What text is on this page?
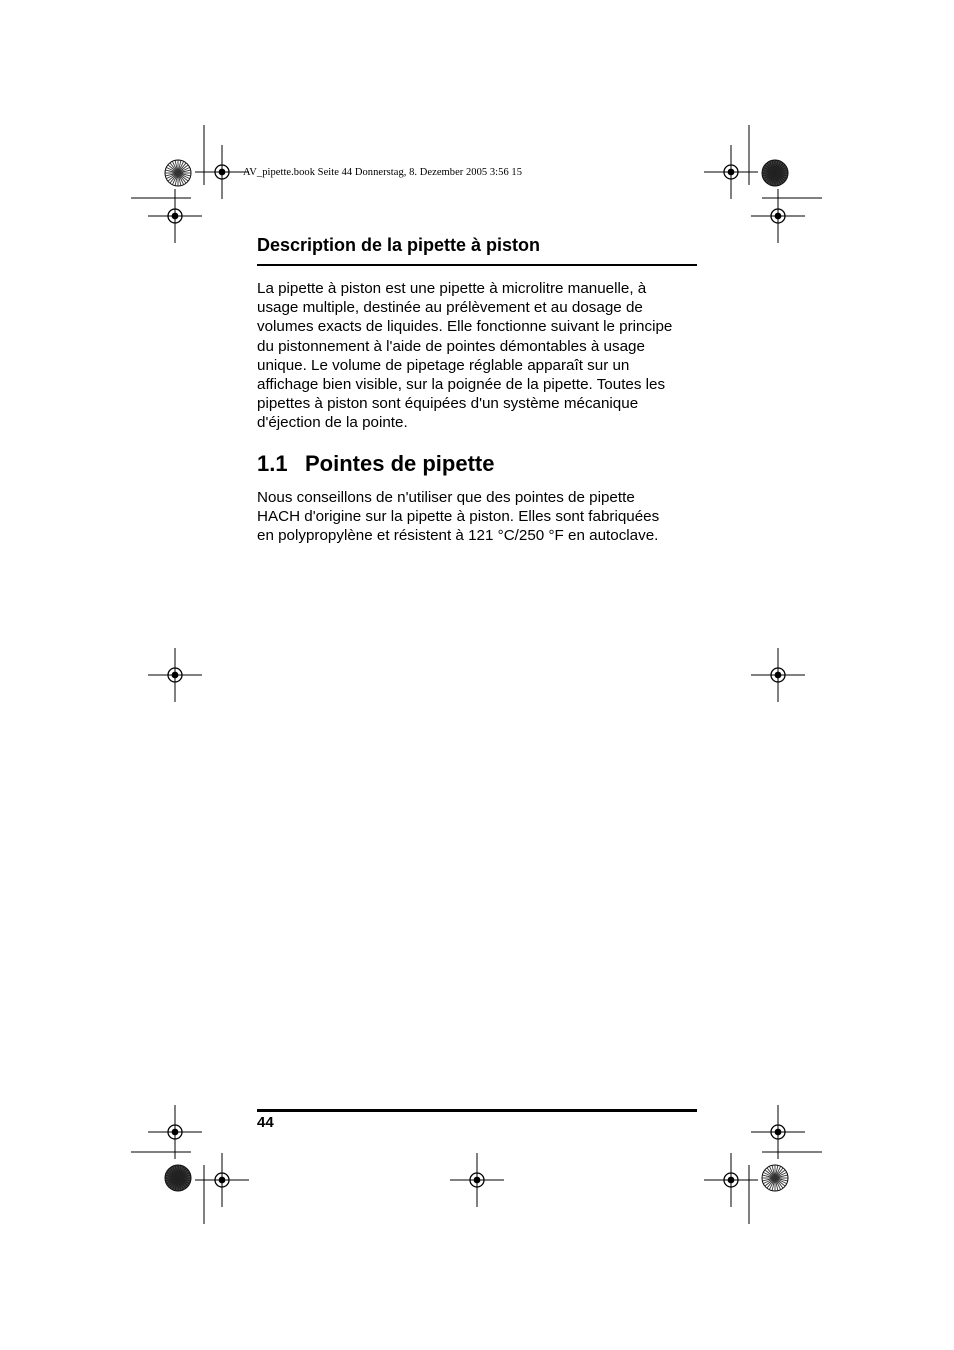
AV_pipette.book Seite 44 Donnerstag, 8. Dezember 2005 3:56 15
Description de la pipette à piston

La pipette à piston est une pipette à microlitre manuelle, à
usage multiple, destinée au prélèvement et au dosage de
volumes exacts de liquides. Elle fonctionne suivant le principe
du pistonnement à l'aide de pointes démontables à usage
unique. Le volume de pipetage réglable apparaît sur un
affichage bien visible, sur la poignée de la pipette. Toutes les
pipettes à piston sont équipées d'un système mécanique
d'éjection de la pointe.

1.1 Pointes de pipette

Nous conseillons de n'utiliser que des pointes de pipette
HACH d'origine sur la pipette à piston. Elles sont fabriquées
en polypropylène et résistent à 121 °C/250 °F en autoclave.

44
